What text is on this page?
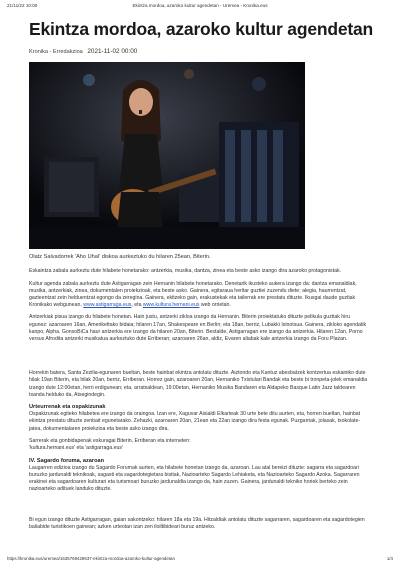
21/11/22 10:00	Ekintza mordoa, azaroko kultur agendetan - Uremea - Kronika.eus
Ekintza mordoa, azaroko kultur agendetan
Kronika - Erredakzioa 2021-11-02 00:00
Olatz Salvadorrek 'Aho Uhal' diskoa aurkeztuko du hilaren 25ean, Biterin.

Eskaintza zabala aurkeztu dute hilabete honetarako: antzerkia, musika, dantza, zinea eta beste asko izango dira azaroko protagonistak.

Kultur agenda zabala aurkeztu dute Astigarragan zein Hernanin hilabete honetarako. Denetarik ikusteko aukera izango da: dantza emanaldiak, musika, antzerkiak, zinea, dokumentalen proiekzioak, eta beste asko. Gainera, egitaraua heritar guztiei zuzendu diete; alegia, haurrentzat, gazteentzat zein helduentzat egongo da zeregina. Gainera, ekitzeko gain, erakustekak eta tailerrak ere prestatu dituzte. Ikusgai daude guztiak Kronikako webgunean, www.astigarraga.eus, eta www.kultura.hernani.eus web orrietan.

Antzerkiak pisua izango du hilabete honetan. Hain justu, antzerki zikloa izango da Hernanin. Biterin proiektatuko dituzte pelikula guztiak hiru egunez: azaroaren 16an, Amerikettako bidaia; hilaren 17an, Shakespeare en Berlin; eta 18an, berriz, Lubakki Isinotsua. Gainera, zikloko agendatik kanpo, Alpha. GonsoBiCa haur antzerkia ere izango da hilaren 20an, Biterin. Bestalde, Astigarragan ere izango da antzerkia. Hilaren 12an, Porno versus Afrodita antzerki musikatua aurkeztuko dute Erriberan; azaroaren 26an, aldiz, Evaren aliabak kale antzerkia izango da Foru Plazan.

Horrekin batera, Santa Zezilia-egunaren bueltan, beste hainbat ekintza antolatu dituzte. Aiztondo eta Kantuz abesbatzek kontzertua eskainiko dute hilak 19an Biterin, eta hilak 20an, berriz, Erriberan. Horrez gain, azaroaren 20an, Hernaniko Txistulari Bandak eta beste bi tronpeta-jolek emanaldia izango dute 12:00etan, herri erdigunean; eta, arratsaldean, 19:00etan, Hernaniko Musika Bandaren eta Aldapeko Basque Latin Jazz taldearen txanda helduko da, Atsegindegin.

Urteurrenak eta ospakizunak

Ospakizunak egiteko hilabetea ere izango da oraingoa. Izan ere, Xaguvar Aisialdi Elkarteak 30 urte bete ditu aurten, eta, horren bueltan, hainbat ekintza prestatu dituzte zenbait egunetarako. Zehazki, azaroaren 20an, 21ean eta 22an izango dira festa egunak. Puzgarriak, jolasak, txokolate-jatea, dokumentalaren proiekzioa eta beste asko izango dira.

Sarrerak eta gonbidapenak eskuragai Biterin, Erriberan eta interneten:
'kultura.hernani.eus' eta 'astigarraga.eus'

IV. Sagardo foruma, azaroan

Laugarren edizioa izango du Sagardo Forumak aurten, eta hilabete honetan izango da, azaroan. Lau atal bereizi dituzte: sagarra eta sagardoari buruzko jardunaldi teknikoak, sagasti eta sagardotegietara bisitak, Nazioarteko Sagardo Lehiaketa, eta Nazioarteko Sagardo Azoka. Sagarraren erakinei eta sagardoaren kulturari eta turismoari buruzko jardunaldia izango da, hain zuzen. Gainera, jardunaldi tekniko horiek berteko zein nazioarteko adituek landuko dituzte.

Bi egun izango dituzte Astigarragan, gaian sakontzeko: hilaren 18a eta 19a. Hitzaldiak antolatu dituzte sagarraren, sagardoaren eta sagardotegien baliabide turistikoen gainean; azken urteotan izan zen iloiltibideari buruz antzeko.

https://kronika.eus/uremea/1635769429637-ekintza-mordoa-azaroko-kultur-agendetan	1/4
